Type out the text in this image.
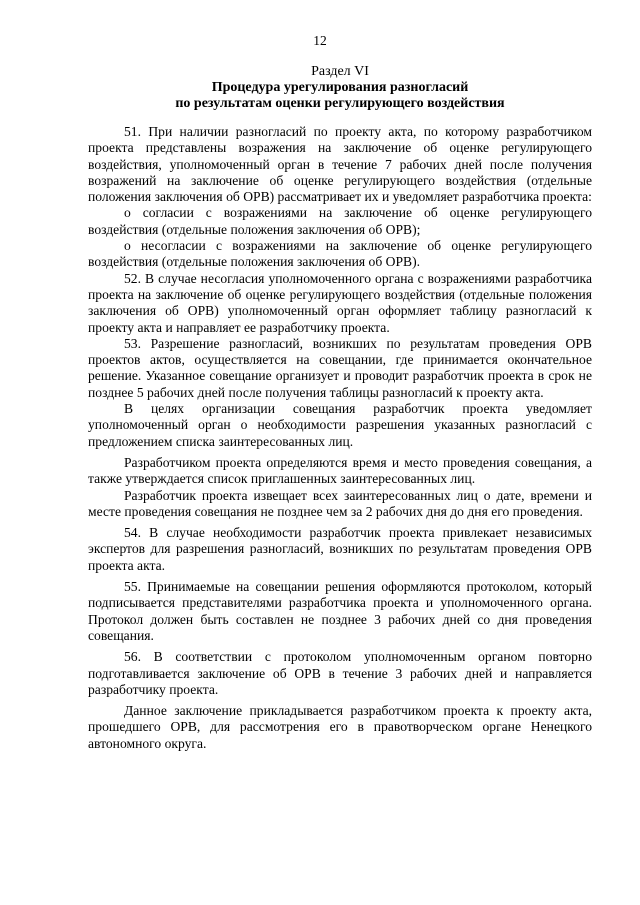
12
Раздел VI
Процедура урегулирования разногласий
по результатам оценки регулирующего воздействия

51. При наличии разногласий по проекту акта, по которому разработчиком проекта представлены возражения на заключение об оценке регулирующего воздействия, уполномоченный орган в течение 7 рабочих дней после получения возражений на заключение об оценке регулирующего воздействия (отдельные положения заключения об ОРВ) рассматривает их и уведомляет разработчика проекта:

о согласии с возражениями на заключение об оценке регулирующего воздействия (отдельные положения заключения об ОРВ);

о несогласии с возражениями на заключение об оценке регулирующего воздействия (отдельные положения заключения об ОРВ).

52. В случае несогласия уполномоченного органа с возражениями разработчика проекта на заключение об оценке регулирующего воздействия (отдельные положения заключения об ОРВ) уполномоченный орган оформляет таблицу разногласий к проекту акта и направляет ее разработчику проекта.

53. Разрешение разногласий, возникших по результатам проведения ОРВ проектов актов, осуществляется на совещании, где принимается окончательное решение. Указанное совещание организует и проводит разработчик проекта в срок не позднее 5 рабочих дней после получения таблицы разногласий к проекту акта.

В целях организации совещания разработчик проекта уведомляет уполномоченный орган о необходимости разрешения указанных разногласий с предложением списка заинтересованных лиц.

Разработчиком проекта определяются время и место проведения совещания, а также утверждается список приглашенных заинтересованных лиц.

Разработчик проекта извещает всех заинтересованных лиц о дате, времени и месте проведения совещания не позднее чем за 2 рабочих дня до дня его проведения.

54. В случае необходимости разработчик проекта привлекает независимых экспертов для разрешения разногласий, возникших по результатам проведения ОРВ проекта акта.

55. Принимаемые на совещании решения оформляются протоколом, который подписывается представителями разработчика проекта и уполномоченного органа. Протокол должен быть составлен не позднее 3 рабочих дней со дня проведения совещания.

56. В соответствии с протоколом уполномоченным органом повторно подготавливается заключение об ОРВ в течение 3 рабочих дней и направляется разработчику проекта.

Данное заключение прикладывается разработчиком проекта к проекту акта, прошедшего ОРВ, для рассмотрения его в правотворческом органе Ненецкого автономного округа.
